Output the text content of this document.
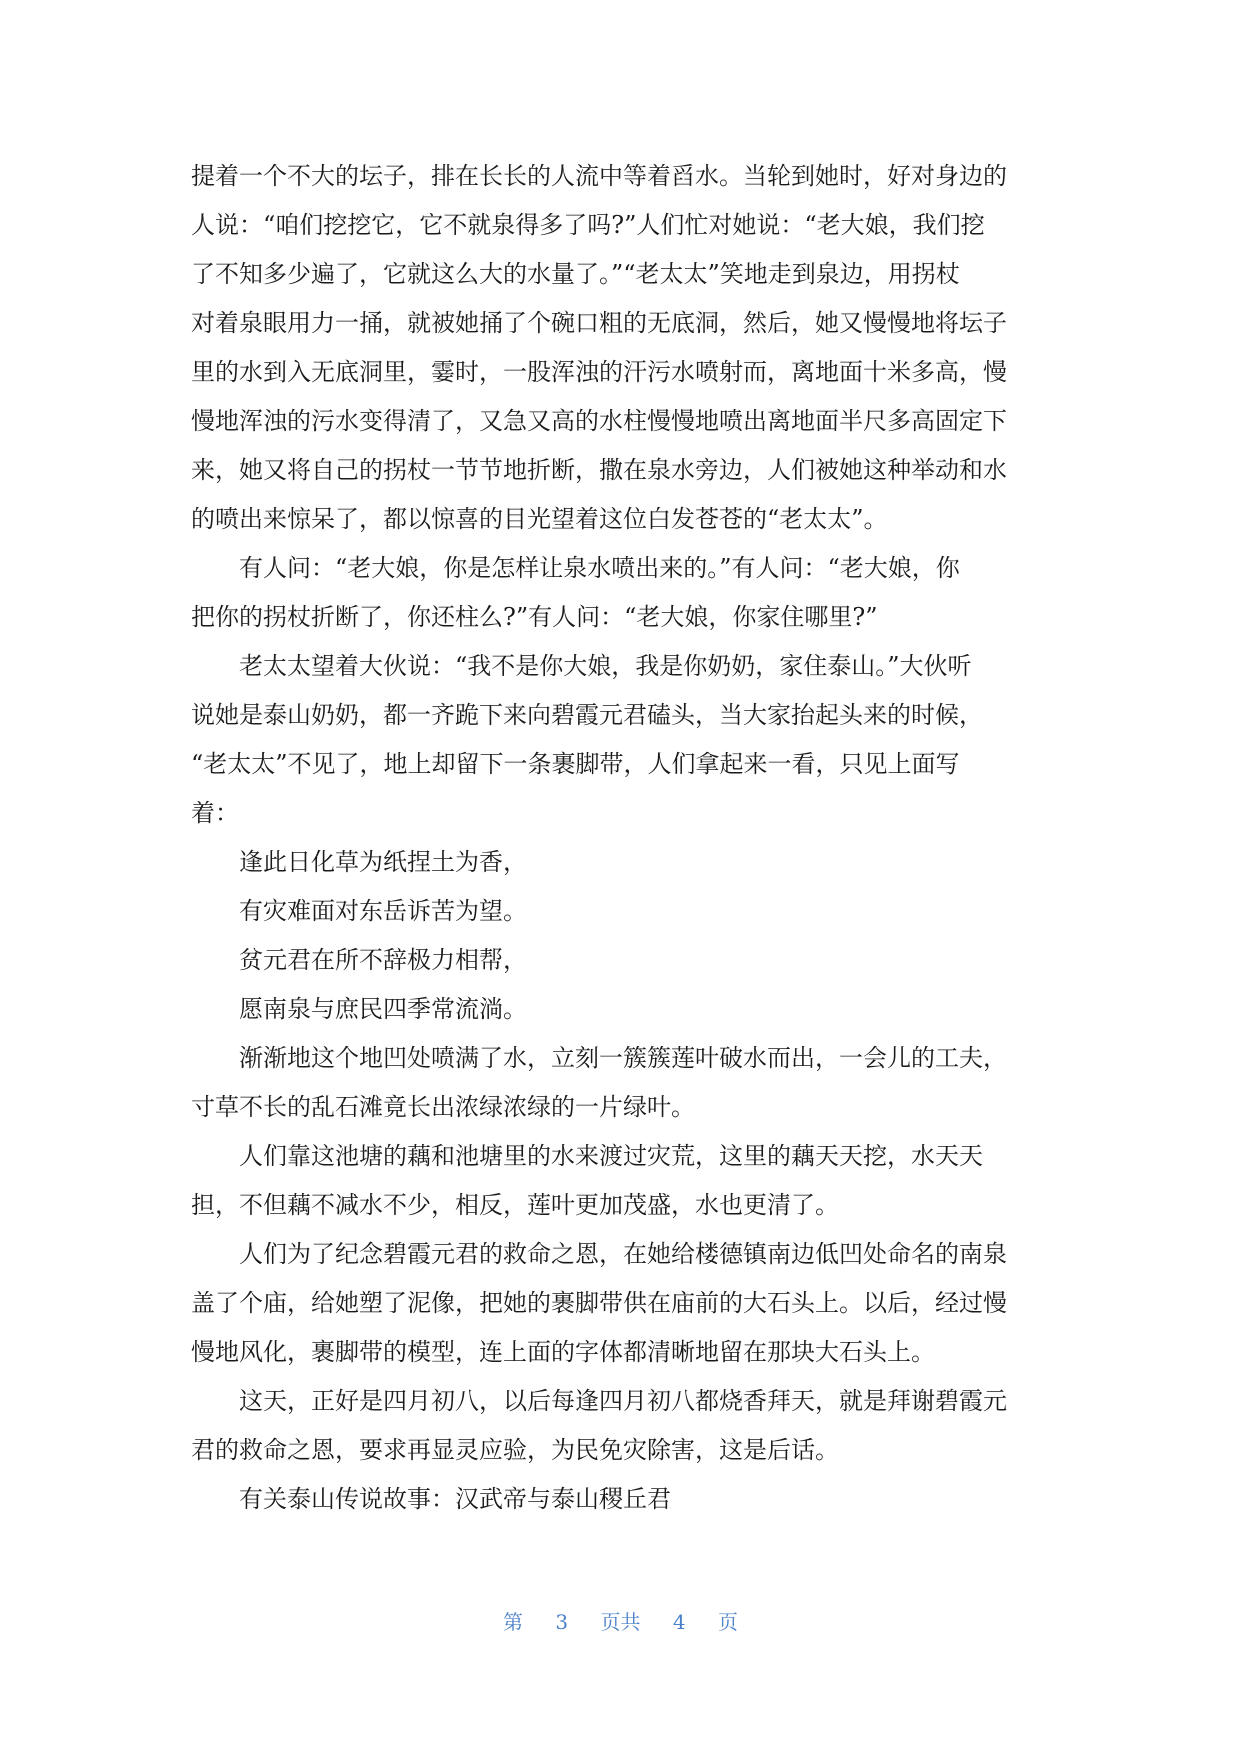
提着一个不大的坛子，排在长长的人流中等着舀水。当轮到她时，好对身边的

人说：“咱们挖挖它，它不就泉得多了吗?”人们忙对她说：“老大娘，我们挖

了不知多少遍了，它就这么大的水量了。”“老太太”笑地走到泉边，用拐杖

对着泉眼用力一捅，就被她捅了个碗口粗的无底洞，然后，她又慢慢地将坛子

里的水到入无底洞里，霎时，一股浑浊的汗污水喷射而，离地面十米多高，慢

慢地浑浊的污水变得清了，又急又高的水柱慢慢地喷出离地面半尺多高固定下

来，她又将自己的拐杖一节节地折断，撒在泉水旁边，人们被她这种举动和水

的喷出来惊呆了，都以惊喜的目光望着这位白发苍苍的“老太太”。

　　有人问：“老大娘，你是怎样让泉水喷出来的。”有人问：“老大娘，你

把你的拐杖折断了，你还柱么?”有人问：“老大娘，你家住哪里?”

　　老太太望着大伙说：“我不是你大娘，我是你奶奶，家住泰山。”大伙听

说她是泰山奶奶，都一齐跪下来向碧霞元君磕头，当大家抬起头来的时候，

“老太太”不见了，地上却留下一条裹脚带，人们拿起来一看，只见上面写

着：

　　逢此日化草为纸捏土为香，

　　有灾难面对东岳诉苦为望。

　　贫元君在所不辞极力相帮，

　　愿南泉与庶民四季常流淌。

　　渐渐地这个地凹处喷满了水，立刻一簇簇莲叶破水而出，一会儿的工夫，

寸草不长的乱石滩竟长出浓绿浓绿的一片绿叶。

　　人们靠这池塘的藕和池塘里的水来渡过灾荒，这里的藕天天挖，水天天

担，不但藕不减水不少，相反，莲叶更加茂盛，水也更清了。

　　人们为了纪念碧霞元君的救命之恩，在她给楼德镇南边低凹处命名的南泉

盖了个庙，给她塑了泥像，把她的裹脚带供在庙前的大石头上。以后，经过慢

慢地风化，裹脚带的模型，连上面的字体都清晰地留在那块大石头上。

　　这天，正好是四月初八，以后每逢四月初八都烧香拜天，就是拜谢碧霞元

君的救命之恩，要求再显灵应验，为民免灾除害，这是后话。

　　有关泰山传说故事：汉武帝与泰山稷丘君

第 3 页共 4 页
